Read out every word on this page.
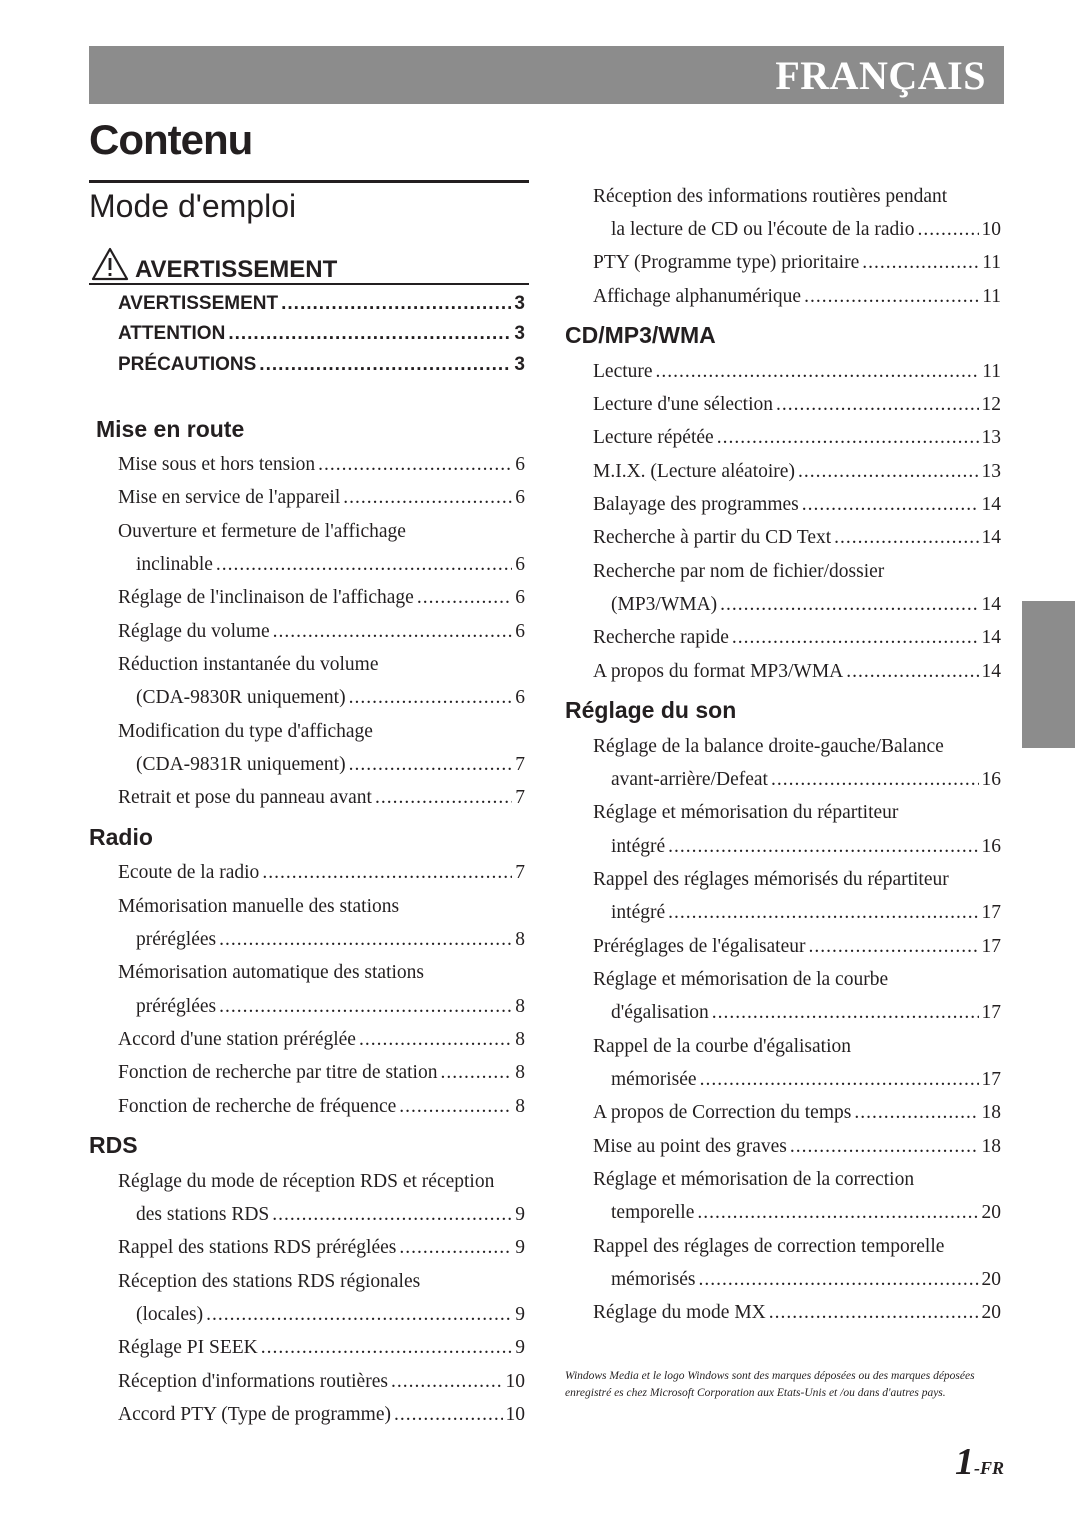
FRANÇAIS
Contenu
Mode d'emploi
AVERTISSEMENT
AVERTISSEMENT .....	3
ATTENTION .....	3
PRÉCAUTIONS .....	3
Mise en route
Mise sous et hors tension .....	6
Mise en service de l'appareil .....	6
Ouverture et fermeture de l'affichage
inclinable .....	6
Réglage de l'inclinaison de l'affichage .....	6
Réglage du volume .....	6
Réduction instantanée du volume
(CDA-9830R uniquement) .....	6
Modification du type d'affichage
(CDA-9831R uniquement) .....	7
Retrait et pose du panneau avant .....	7
Radio
Ecoute de la radio .....	7
Mémorisation manuelle des stations
préréglées .....	8
Mémorisation automatique des stations
préréglées .....	8
Accord d'une station préréglée .....	8
Fonction de recherche par titre de station .....	8
Fonction de recherche de fréquence .....	8
RDS
Réglage du mode de réception RDS et réception
des stations RDS .....	9
Rappel des stations RDS préréglées .....	9
Réception des stations RDS régionales
(locales) .....	9
Réglage PI SEEK .....	9
Réception d'informations routières .....	10
Accord PTY (Type de programme) .....	10
Réception des informations routières pendant
la lecture de CD ou l'écoute de la radio .....	10
PTY (Programme type) prioritaire .....	11
Affichage alphanumérique .....	11
CD/MP3/WMA
Lecture .....	11
Lecture d'une sélection .....	12
Lecture répétée .....	13
M.I.X. (Lecture aléatoire) .....	13
Balayage des programmes .....	14
Recherche à partir du CD Text .....	14
Recherche par nom de fichier/dossier
(MP3/WMA) .....	14
Recherche rapide .....	14
A propos du format MP3/WMA .....	14
Réglage du son
Réglage de la balance droite-gauche/Balance
avant-arrière/Defeat .....	16
Réglage et mémorisation du répartiteur
intégré .....	16
Rappel des réglages mémorisés du répartiteur
intégré .....	17
Préréglages de l'égalisateur .....	17
Réglage et mémorisation de la courbe
d'égalisation .....	17
Rappel de la courbe d'égalisation
mémorisée .....	17
A propos de Correction du temps .....	18
Mise au point des graves .....	18
Réglage et mémorisation de la correction
temporelle .....	20
Rappel des réglages de correction temporelle
mémorisés .....	20
Réglage du mode MX .....	20
Windows Media et le logo Windows sont des marques déposées ou des marques déposées enregistré es chez Microsoft Corporation aux Etats-Unis et /ou dans d'autres pays.
1-FR
